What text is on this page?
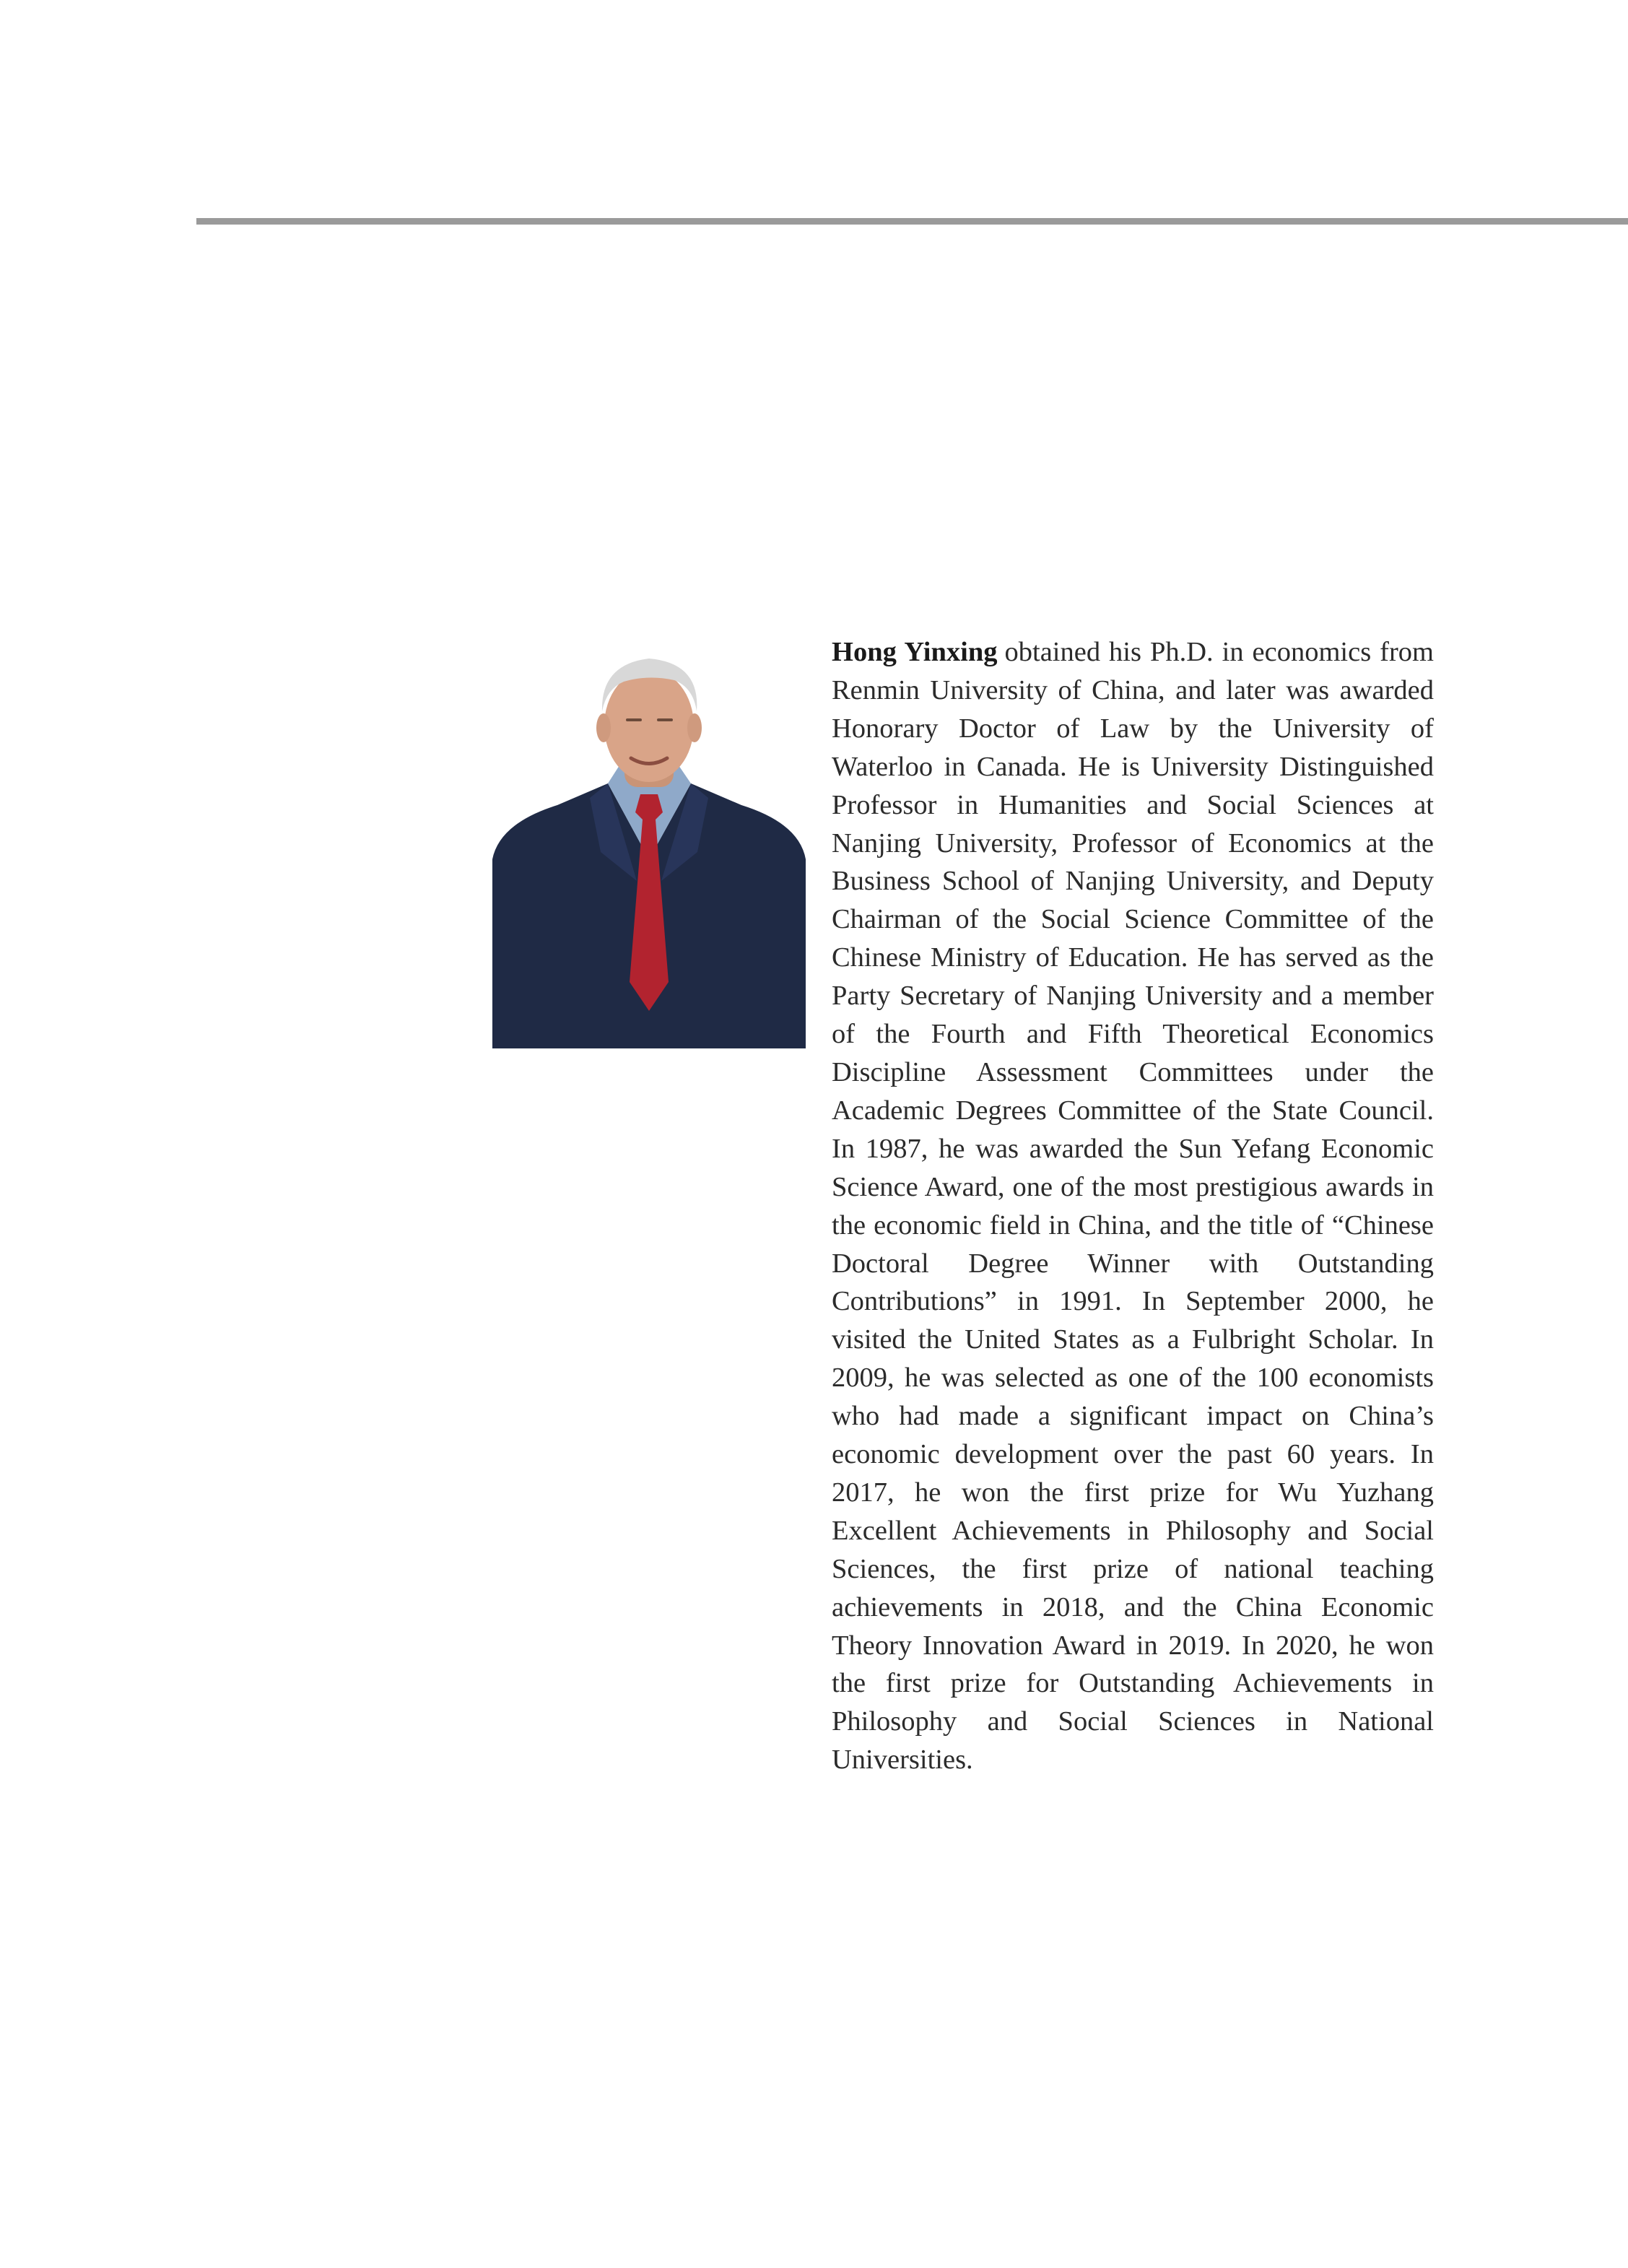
Hong Yinxing obtained his Ph.D. in economics from Renmin University of China, and later was awarded Honorary Doctor of Law by the University of Waterloo in Canada. He is University Distinguished Professor in Humanities and Social Sciences at Nanjing University, Professor of Economics at the Business School of Nanjing University, and Deputy Chairman of the Social Science Committee of the Chinese Ministry of Education. He has served as the Party Secretary of Nanjing University and a member of the Fourth and Fifth Theoretical Economics Discipline Assessment Committees under the Academic Degrees Committee of the State Council. In 1987, he was awarded the Sun Yefang Economic Science Award, one of the most prestigious awards in the economic field in China, and the title of “Chinese Doctoral Degree Winner with Outstanding Contributions” in 1991. In September 2000, he visited the United States as a Fulbright Scholar. In 2009, he was selected as one of the 100 economists who had made a significant impact on China’s economic development over the past 60 years. In 2017, he won the first prize for Wu Yuzhang Excellent Achievements in Philosophy and Social Sciences, the first prize of national teaching achievements in 2018, and the China Economic Theory Innovation Award in 2019. In 2020, he won the first prize for Outstanding Achievements in Philosophy and Social Sciences in National Universities.
